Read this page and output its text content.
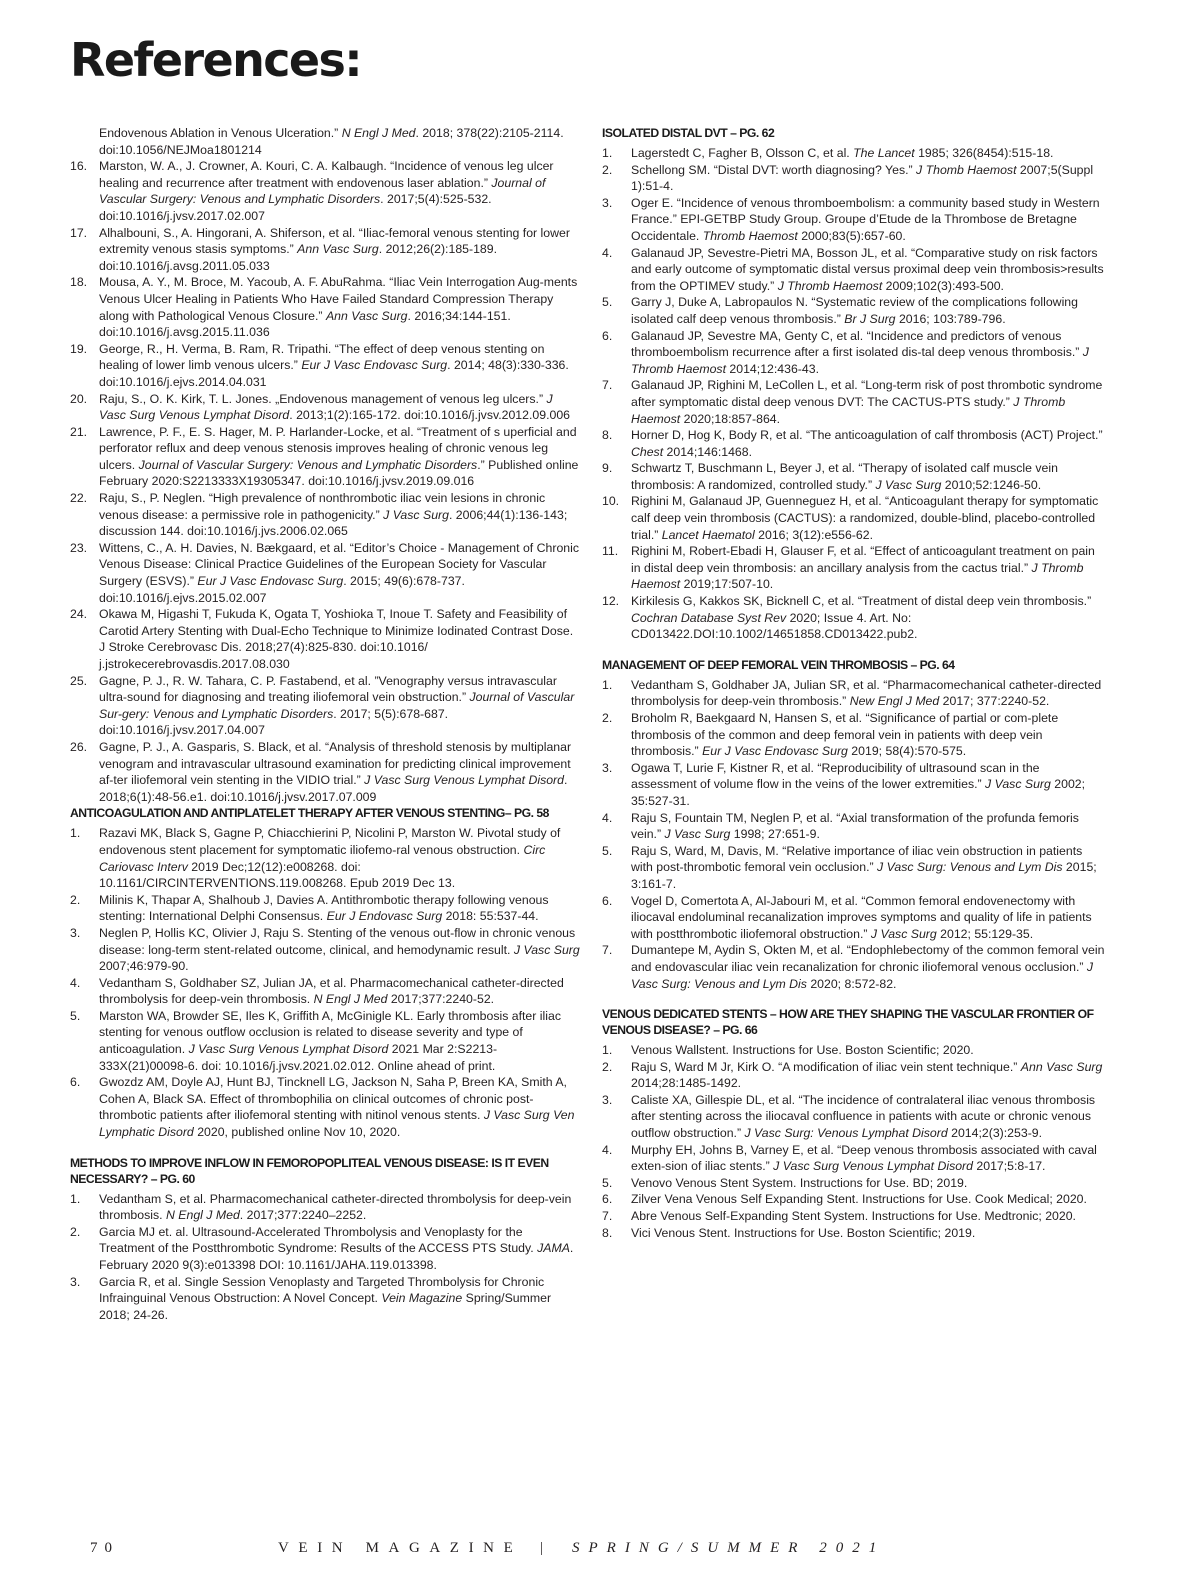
References:

Endovenous Ablation in Venous Ulceration.” N Engl J Med. 2018; 378(22):2105-2114. doi:10.1056/NEJMoa1801214

16. Marston, W. A., J. Crowner, A. Kouri, C. A. Kalbaugh. “Incidence of venous leg ulcer healing and recurrence after treatment with endovenous laser ablation.” Journal of Vascular Surgery: Venous and Lymphatic Disorders. 2017;5(4):525-532. doi:10.1016/j.jvsv.2017.02.007
17. Alhalbouni, S., A. Hingorani, A. Shiferson, et al. “Iliac-femoral venous stenting for lower extremity venous stasis symptoms.” Ann Vasc Surg. 2012;26(2):185-189. doi:10.1016/j.avsg.2011.05.033
18. Mousa, A. Y., M. Broce, M. Yacoub, A. F. AbuRahma. “Iliac Vein Interrogation Aug-ments Venous Ulcer Healing in Patients Who Have Failed Standard Compression Therapy along with Pathological Venous Closure.” Ann Vasc Surg. 2016;34:144-151. doi:10.1016/j.avsg.2015.11.036
19. George, R., H. Verma, B. Ram, R. Tripathi. “The effect of deep venous stenting on healing of lower limb venous ulcers.” Eur J Vasc Endovasc Surg. 2014; 48(3):330-336. doi:10.1016/j.ejvs.2014.04.031
20. Raju, S., O. K. Kirk, T. L. Jones. „Endovenous management of venous leg ulcers.” J Vasc Surg Venous Lymphat Disord. 2013;1(2):165-172. doi:10.1016/j.jvsv.2012.09.006
21. Lawrence, P. F., E. S. Hager, M. P. Harlander-Locke, et al. “Treatment of s uperficial and perforator reflux and deep venous stenosis improves healing of chronic venous leg ulcers. Journal of Vascular Surgery: Venous and Lymphatic Disorders.” Published online February 2020:S2213333X19305347. doi:10.1016/j.jvsv.2019.09.016
22. Raju, S., P. Neglen. “High prevalence of nonthrombotic iliac vein lesions in chronic venous disease: a permissive role in pathogenicity.” J Vasc Surg. 2006;44(1):136-143; discussion 144. doi:10.1016/j.jvs.2006.02.065
23. Wittens, C., A. H. Davies, N. Bækgaard, et al. “Editor’s Choice - Management of Chronic Venous Disease: Clinical Practice Guidelines of the European Society for Vascular Surgery (ESVS).” Eur J Vasc Endovasc Surg. 2015; 49(6):678-737. doi:10.1016/j.ejvs.2015.02.007
24. Okawa M, Higashi T, Fukuda K, Ogata T, Yoshioka T, Inoue T. Safety and Feasibility of Carotid Artery Stenting with Dual-Echo Technique to Minimize Iodinated Contrast Dose. J Stroke Cerebrovasc Dis. 2018;27(4):825-830. doi:10.1016/ j.jstrokecerebrovasdis.2017.08.030
25. Gagne, P. J., R. W. Tahara, C. P. Fastabend, et al. ”Venography versus intravascular ultra-sound for diagnosing and treating iliofemoral vein obstruction.” Journal of Vascular Sur-gery: Venous and Lymphatic Disorders. 2017; 5(5):678-687. doi:10.1016/j.jvsv.2017.04.007
26. Gagne, P. J., A. Gasparis, S. Black, et al. “Analysis of threshold stenosis by multiplanar venogram and intravascular ultrasound examination for predicting clinical improvement af-ter iliofemoral vein stenting in the VIDIO trial.” J Vasc Surg Venous Lymphat Disord. 2018;6(1):48-56.e1. doi:10.1016/j.jvsv.2017.07.009
ANTICOAGULATION AND ANTIPLATELET THERAPY AFTER VENOUS STENTING– PG. 58
1. Razavi MK, Black S, Gagne P, Chiacchierini P, Nicolini P, Marston W. Pivotal study of endovenous stent placement for symptomatic iliofemo-ral venous obstruction. Circ Cariovasc Interv 2019 Dec;12(12):e008268. doi: 10.1161/CIRCINTERVENTIONS.119.008268. Epub 2019 Dec 13.
2. Milinis K, Thapar A, Shalhoub J, Davies A. Antithrombotic therapy following venous stenting: International Delphi Consensus. Eur J Endovasc Surg 2018: 55:537-44.
3. Neglen P, Hollis KC, Olivier J, Raju S. Stenting of the venous out-flow in chronic venous disease: long-term stent-related outcome, clinical, and hemodynamic result. J Vasc Surg 2007;46:979-90.
4. Vedantham S, Goldhaber SZ, Julian JA, et al. Pharmacomechanical catheter-directed thrombolysis for deep-vein thrombosis. N Engl J Med 2017;377:2240-52.
5. Marston WA, Browder SE, Iles K, Griffith A, McGinigle KL. Early thrombosis after iliac stenting for venous outflow occlusion is related to disease severity and type of anticoagulation. J Vasc Surg Venous Lymphat Disord 2021 Mar 2:S2213-333X(21)00098-6. doi: 10.1016/j.jvsv.2021.02.012. Online ahead of print.
6. Gwozdz AM, Doyle AJ, Hunt BJ, Tincknell LG, Jackson N, Saha P, Breen KA, Smith A, Cohen A, Black SA. Effect of thrombophilia on clinical outcomes of chronic post-thrombotic patients after iliofemoral stenting with nitinol venous stents. J Vasc Surg Ven Lymphatic Disord 2020, published online Nov 10, 2020.
METHODS TO IMPROVE INFLOW IN FEMOROPOPLITEAL VENOUS DISEASE: IS IT EVEN NECESSARY? – PG. 60
1. Vedantham S, et al. Pharmacomechanical catheter-directed thrombolysis for deep-vein thrombosis. N Engl J Med. 2017;377:2240–2252.
2. Garcia MJ et. al. Ultrasound-Accelerated Thrombolysis and Venoplasty for the Treatment of the Postthrombotic Syndrome: Results of the ACCESS PTS Study. JAMA. February 2020 9(3):e013398 DOI: 10.1161/JAHA.119.013398.
3. Garcia R, et al. Single Session Venoplasty and Targeted Thrombolysis for Chronic Infrainguinal Venous Obstruction: A Novel Concept. Vein Magazine Spring/Summer 2018; 24-26.
ISOLATED DISTAL DVT – PG. 62
1. Lagerstedt C, Fagher B, Olsson C, et al. The Lancet 1985; 326(8454):515-18.
2. Schellong SM. “Distal DVT: worth diagnosing? Yes.” J Thomb Haemost 2007;5(Suppl 1):51-4.
3. Oger E. “Incidence of venous thromboembolism: a community based study in Western France.” EPI-GETBP Study Group. Groupe d’Etude de la Thrombose de Bretagne Occidentale. Thromb Haemost 2000;83(5):657-60.
4. Galanaud JP, Sevestre-Pietri MA, Bosson JL, et al. “Comparative study on risk factors and early outcome of symptomatic distal versus proximal deep vein thrombosis>results from the OPTIMEV study.” J Thromb Haemost 2009;102(3):493-500.
5. Garry J, Duke A, Labropaulos N. “Systematic review of the complications following isolated calf deep venous thrombosis.” Br J Surg 2016; 103:789-796.
6. Galanaud JP, Sevestre MA, Genty C, et al. “Incidence and predictors of venous thromboembolism recurrence after a first isolated dis-tal deep venous thrombosis.” J Thromb Haemost 2014;12:436-43.
7. Galanaud JP, Righini M, LeCollen L, et al. “Long-term risk of post thrombotic syndrome after symptomatic distal deep venous DVT: The CACTUS-PTS study.” J Thromb Haemost 2020;18:857-864.
8. Horner D, Hog K, Body R, et al. “The anticoagulation of calf thrombosis (ACT) Project.” Chest 2014;146:1468.
9. Schwartz T, Buschmann L, Beyer J, et al. “Therapy of isolated calf muscle vein thrombosis: A randomized, controlled study.” J Vasc Surg 2010;52:1246-50.
10. Righini M, Galanaud JP, Guenneguez H, et al. “Anticoagulant therapy for symptomatic calf deep vein thrombosis (CACTUS): a randomized, double-blind, placebo-controlled trial.” Lancet Haematol 2016; 3(12):e556-62.
11. Righini M, Robert-Ebadi H, Glauser F, et al. “Effect of anticoagulant treatment on pain in distal deep vein thrombosis: an ancillary analysis from the cactus trial.” J Thromb Haemost 2019;17:507-10.
12. Kirkilesis G, Kakkos SK, Bicknell C, et al. “Treatment of distal deep vein thrombosis.” Cochran Database Syst Rev 2020; Issue 4. Art. No: CD013422.DOI:10.1002/14651858.CD013422.pub2.
MANAGEMENT OF DEEP FEMORAL VEIN THROMBOSIS – PG. 64
1. Vedantham S, Goldhaber JA, Julian SR, et al. “Pharmacomechanical catheter-directed thrombolysis for deep-vein thrombosis.” New Engl J Med 2017; 377:2240-52.
2. Broholm R, Baekgaard N, Hansen S, et al. “Significance of partial or com-plete thrombosis of the common and deep femoral vein in patients with deep vein thrombosis.” Eur J Vasc Endovasc Surg 2019; 58(4):570-575.
3. Ogawa T, Lurie F, Kistner R, et al. “Reproducibility of ultrasound scan in the assessment of volume flow in the veins of the lower extremities.” J Vasc Surg 2002; 35:527-31.
4. Raju S, Fountain TM, Neglen P, et al. “Axial transformation of the profunda femoris vein.” J Vasc Surg 1998; 27:651-9.
5. Raju S, Ward, M, Davis, M. “Relative importance of iliac vein obstruction in patients with post-thrombotic femoral vein occlusion.” J Vasc Surg: Venous and Lym Dis 2015; 3:161-7.
6. Vogel D, Comertota A, Al-Jabouri M, et al. “Common femoral endovenectomy with iliocaval endoluminal recanalization improves symptoms and quality of life in patients with postthrombotic iliofemoral obstruction.” J Vasc Surg 2012; 55:129-35.
7. Dumantepe M, Aydin S, Okten M, et al. “Endophlebectomy of the common femoral vein and endovascular iliac vein recanalization for chronic iliofemoral venous occlusion.” J Vasc Surg: Venous and Lym Dis 2020; 8:572-82.
VENOUS DEDICATED STENTS – HOW ARE THEY SHAPING THE VASCULAR FRONTIER OF VENOUS DISEASE? – PG. 66
1. Venous Wallstent. Instructions for Use. Boston Scientific; 2020.
2. Raju S, Ward M Jr, Kirk O. “A modification of iliac vein stent technique.” Ann Vasc Surg 2014;28:1485-1492.
3. Caliste XA, Gillespie DL, et al. “The incidence of contralateral iliac venous thrombosis after stenting across the iliocaval confluence in patients with acute or chronic venous outflow obstruction.” J Vasc Surg: Venous Lymphat Disord 2014;2(3):253-9.
4. Murphy EH, Johns B, Varney E, et al. “Deep venous thrombosis associated with caval exten-sion of iliac stents.” J Vasc Surg Venous Lymphat Disord 2017;5:8-17.
5. Venovo Venous Stent System. Instructions for Use. BD; 2019.
6. Zilver Vena Venous Self Expanding Stent. Instructions for Use. Cook Medical; 2020.
7. Abre Venous Self-Expanding Stent System. Instructions for Use. Medtronic; 2020.
8. Vici Venous Stent. Instructions for Use. Boston Scientific; 2019.
70	VEIN MAGAZINE | SPRING/SUMMER 2021
